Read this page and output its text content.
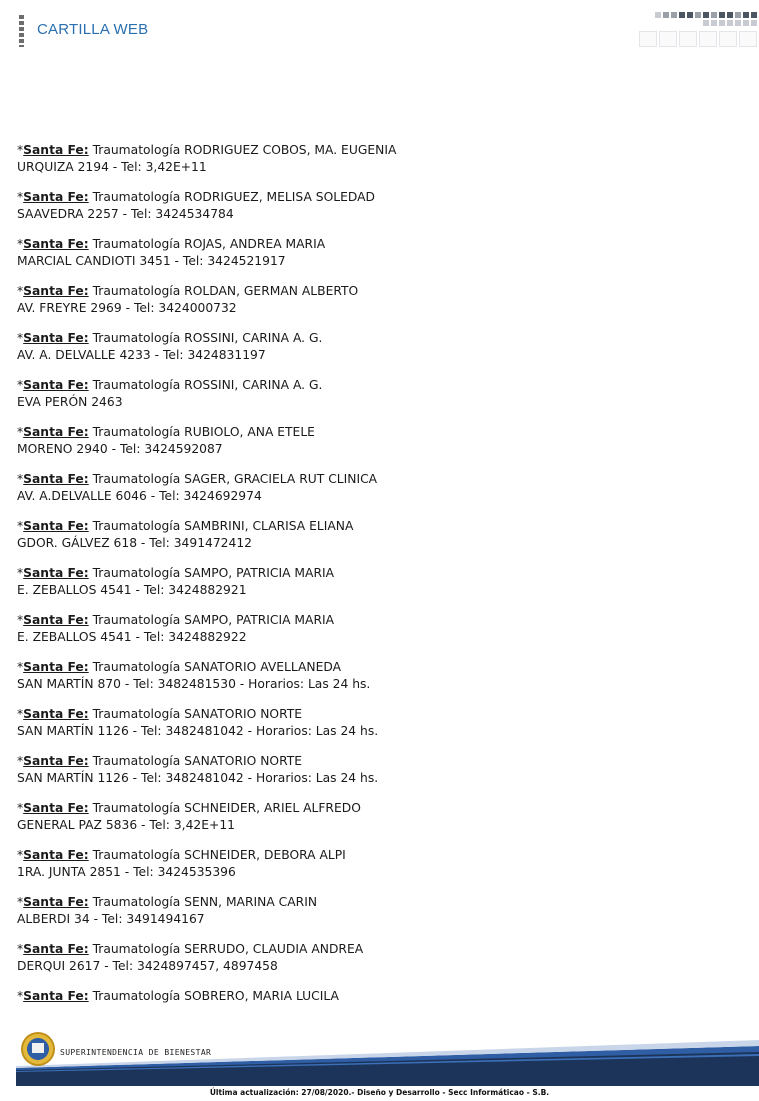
CARTILLA WEB
*Santa Fe: Traumatología RODRIGUEZ COBOS, MA. EUGENIA
URQUIZA 2194 - Tel: 3,42E+11
*Santa Fe: Traumatología RODRIGUEZ, MELISA SOLEDAD
SAAVEDRA 2257 - Tel: 3424534784
*Santa Fe: Traumatología ROJAS, ANDREA MARIA
MARCIAL CANDIOTI 3451 - Tel: 3424521917
*Santa Fe: Traumatología ROLDAN, GERMAN ALBERTO
AV. FREYRE 2969 - Tel: 3424000732
*Santa Fe: Traumatología ROSSINI, CARINA A. G.
AV. A. DELVALLE 4233 - Tel: 3424831197
*Santa Fe: Traumatología ROSSINI, CARINA A. G.
EVA PERÓN 2463
*Santa Fe: Traumatología RUBIOLO, ANA ETELE
MORENO 2940 - Tel: 3424592087
*Santa Fe: Traumatología SAGER, GRACIELA RUT CLINICA
AV. A.DELVALLE 6046 - Tel: 3424692974
*Santa Fe: Traumatología SAMBRINI, CLARISA ELIANA
GDOR. GÁLVEZ 618 - Tel: 3491472412
*Santa Fe: Traumatología SAMPO, PATRICIA MARIA
E. ZEBALLOS 4541 - Tel: 3424882921
*Santa Fe: Traumatología SAMPO, PATRICIA MARIA
E. ZEBALLOS 4541 - Tel: 3424882922
*Santa Fe: Traumatología SANATORIO AVELLANEDA
SAN MARTÍN 870 - Tel: 3482481530 - Horarios: Las 24 hs.
*Santa Fe: Traumatología SANATORIO NORTE
SAN MARTÍN 1126 - Tel: 3482481042 - Horarios: Las 24 hs.
*Santa Fe: Traumatología SANATORIO NORTE
SAN MARTÍN 1126 - Tel: 3482481042 - Horarios: Las 24 hs.
*Santa Fe: Traumatología SCHNEIDER, ARIEL ALFREDO
GENERAL PAZ 5836 - Tel: 3,42E+11
*Santa Fe: Traumatología SCHNEIDER, DEBORA ALPI
1RA. JUNTA 2851 - Tel: 3424535396
*Santa Fe: Traumatología SENN, MARINA CARIN
ALBERDI 34 - Tel: 3491494167
*Santa Fe: Traumatología SERRUDO, CLAUDIA ANDREA
DERQUI 2617 - Tel: 3424897457, 4897458
*Santa Fe: Traumatología SOBRERO, MARIA LUCILA
SUPERINTENDENCIA DE BIENESTAR
Última actualización: 27/08/2020.- Diseño y Desarrollo - Secc Informáticao - S.B.
